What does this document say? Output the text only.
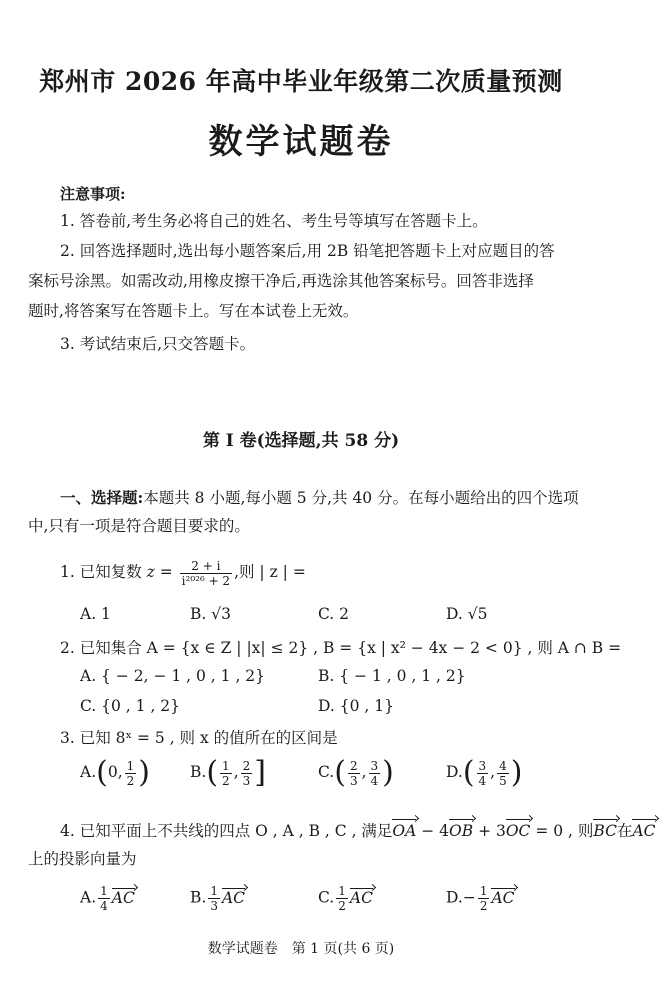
郑州市 2026 年高中毕业年级第二次质量预测
数学试题卷
注意事项:
1. 答卷前,考生务必将自己的姓名、考生号等填写在答题卡上。
2. 回答选择题时,选出每小题答案后,用 2B 铅笔把答题卡上对应题目的答
案标号涂黑。如需改动,用橡皮擦干净后,再选涂其他答案标号。回答非选择
题时,将答案写在答题卡上。写在本试卷上无效。
3. 考试结束后,只交答题卡。
第 Ⅰ 卷(选择题,共 58 分)
一、选择题:本题共 8 小题,每小题 5 分,共 40 分。在每小题给出的四个选项
中,只有一项是符合题目要求的。
1. 已知复数 $z = \frac{2 + i}{\text{i²⁰²⁶ + 2}}$ ,则 | z | =
A. 1	B. √3	C. 2	D. √5
2. 已知集合 A = {x ∈ Z | |x| ≤ 2} , B = {x | x² − 4x − 2 < 0} , 则 A ∩ B =
A. { − 2, − 1 , 0 , 1 , 2}	B. { − 1 , 0 , 1 , 2}
C. {0 , 1 , 2}	D. {0 , 1}
3. 已知 8ˣ = 5 , 则 x 的值所在的区间是
A.(0, $\frac{1}{2}$ )	$B.( \frac{1}{2}$ , $\frac{2}{3}$ ]	$C.( \frac{2}{3}$ , $\frac{3}{4}$ )	$D.( \frac{3}{4}$ , $\frac{4}{5}$ )
4. 已知平面上不共线的四点 O , A , B , C , 满足OA − 4OB + 3OC = 0 , 则BC在AC
上的投影向量为
A. $\frac{1}{4}$ AC	B. $\frac{1}{3}$ AC	C. $\frac{1}{2}$ AC	$D.- \frac{1}{2}$ AC
数学试题卷　第 1 页(共 6 页)
